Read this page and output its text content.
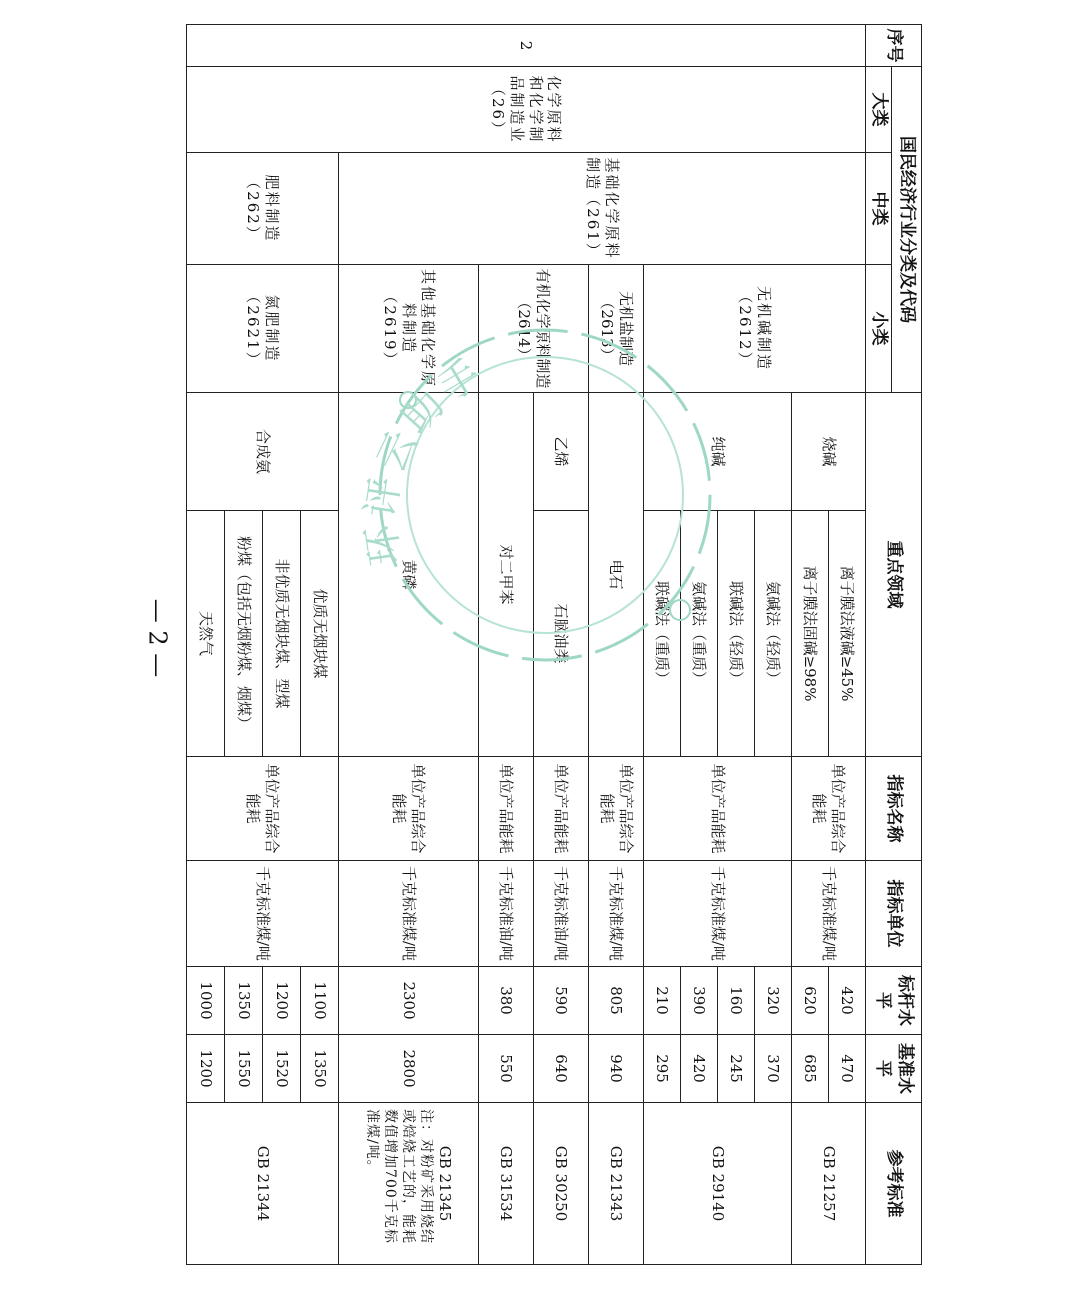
序号	国民经济行业分类及代码			重点领域		指标名称	指标单位	标杆水平	基准水平	参考标准
	大类	中类	小类							
2	化学原料和化学制品制造业（26）	基础化学原料制造（261）	无机碱制造（2612）	烧碱	离子膜法液碱≥45%	单位产品综合能耗	千克标准煤/吨	420	470	GB 21257
					离子膜法固碱≥98%			620	685	
				纯碱	氨碱法（轻质）	单位产品能耗	千克标准煤/吨	320	370	GB 29140
					联碱法（轻质）			160	245	
					氨碱法（重质）			390	420	
					联碱法（重质）			210	295	
			无机盐制造（2613）	电石		单位产品综合能耗	千克标准煤/吨	805	940	GB 21343
			有机化学原料制造（2614）	乙烯	石脑油类	单位产品能耗	千克标准油/吨	590	640	GB 30250
				对二甲苯		单位产品能耗	千克标准油/吨	380	550	GB 31534
			其他基础化学原料制造（2619）	黄磷		单位产品综合能耗	千克标准煤/吨	2300	2800	GB 21345
注：对粉矿采用烧结或焙烧工艺的，能耗数值增加700千克标准煤/吨。

		肥料制造（262）	氮肥制造（2621）	合成氨	优质无烟块煤	单位产品综合能耗	千克标准煤/吨	1100	1350	GB 21344
					非优质无烟块煤、型煤			1200	1520	
					粉煤（包括无烟粉煤、烟煤）			1350	1550	
					天然气			1000	1200	
环评云助手
— 2 —
